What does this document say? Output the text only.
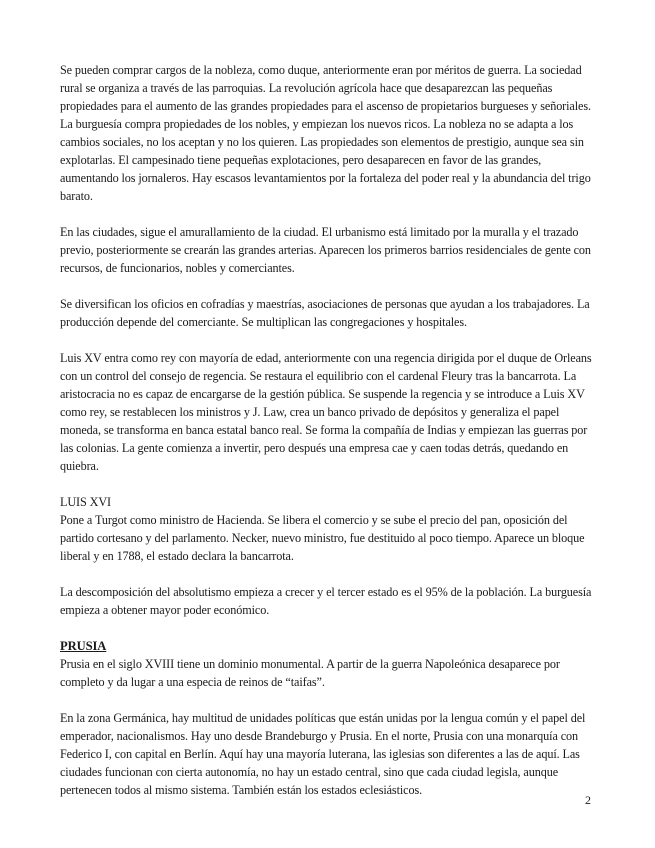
Se pueden comprar cargos de la nobleza, como duque, anteriormente eran por méritos de guerra. La sociedad rural se organiza a través de las parroquias. La revolución agrícola hace que desaparezcan las pequeñas propiedades para el aumento de las grandes propiedades para el ascenso de propietarios burgueses y señoriales. La burguesía compra propiedades de los nobles, y empiezan los nuevos ricos. La nobleza no se adapta a los cambios sociales, no los aceptan y no los quieren. Las propiedades son elementos de prestigio, aunque sea sin explotarlas. El campesinado tiene pequeñas explotaciones, pero desaparecen en favor de las grandes, aumentando los jornaleros. Hay escasos levantamientos por la fortaleza del poder real y la abundancia del trigo barato.

En las ciudades, sigue el amurallamiento de la ciudad. El urbanismo está limitado por la muralla y el trazado previo, posteriormente se crearán las grandes arterias. Aparecen los primeros barrios residenciales de gente con recursos, de funcionarios, nobles y comerciantes.

Se diversifican los oficios en cofradías y maestrías, asociaciones de personas que ayudan a los trabajadores. La producción depende del comerciante. Se multiplican las congregaciones y hospitales.

Luis XV entra como rey con mayoría de edad, anteriormente con una regencia dirigida por el duque de Orleans con un control del consejo de regencia. Se restaura el equilibrio con el cardenal Fleury tras la bancarrota. La aristocracia no es capaz de encargarse de la gestión pública. Se suspende la regencia y se introduce a Luis XV como rey, se restablecen los ministros y J. Law, crea un banco privado de depósitos y generaliza el papel moneda, se transforma en banca estatal banco real. Se forma la compañía de Indias y empiezan las guerras por las colonias. La gente comienza a invertir, pero después una empresa cae y caen todas detrás, quedando en quiebra.

LUIS XVI

Pone a Turgot como ministro de Hacienda. Se libera el comercio y se sube el precio del pan, oposición del partido cortesano y del parlamento. Necker, nuevo ministro, fue destituido al poco tiempo. Aparece un bloque liberal y en 1788, el estado declara la bancarrota.

La descomposición del absolutismo empieza a crecer y el tercer estado es el 95% de la población. La burguesía empieza a obtener mayor poder económico.

PRUSIA

Prusia en el siglo XVIII tiene un dominio monumental. A partir de la guerra Napoleónica desaparece por completo y da lugar a una especia de reinos de “taifas”.

En la zona Germánica, hay multitud de unidades políticas que están unidas por la lengua común y el papel del emperador, nacionalismos. Hay uno desde Brandeburgo y Prusia. En el norte, Prusia con una monarquía con Federico I, con capital en Berlín. Aquí hay una mayoría luterana, las iglesias son diferentes a las de aquí. Las ciudades funcionan con cierta autonomía, no hay un estado central, sino que cada ciudad legisla, aunque pertenecen todos al mismo sistema. También están los estados eclesiásticos.

2
